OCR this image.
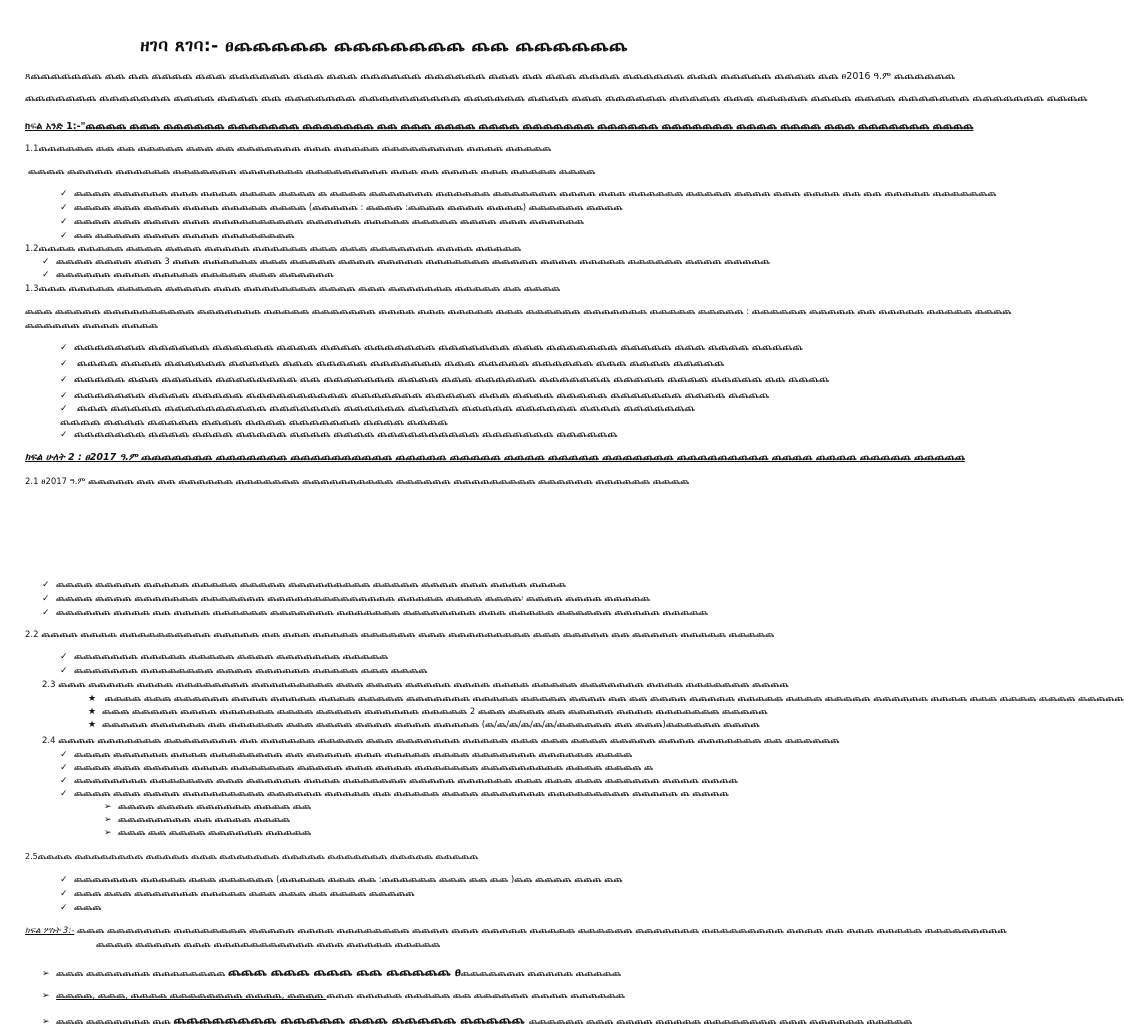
ዘገባ ጸገባ:- ፀጨጨጨጨጨ ጨጨጨጨጨጨጨ ጨጨ ጨጨጨጨጨጨ
ጸጨጨጨጨጨጨጨ ጨጨ ጨጨ ጨጨጨጨ ጨጨጨ ጨጨጨጨጨጨ ጨጨጨ ጨጨጨ ጨጨጨጨጨጨ ጨጨጨጨጨጨ ጨጨጨ ጨጨ ጨጨጨ ጨጨጨጨ ጨጨጨጨጨጨ ጨጨጨ ጨጨጨጨጨ ጨጨጨጨ ጨጨ ፀ2016 ዓ.ም ጨጨጨጨጨጨ
ጨጨጨጨጨጨጨ ጨጨጨጨጨጨጨ ጨጨጨጨ ጨጨጨጨ ጨጨ ጨጨጨጨጨጨጨ ጨጨጨጨጨጨጨጨጨጨ ጨጨጨጨጨጨ ጨጨጨጨ ጨጨጨ ጨጨጨጨጨጨ ጨጨጨጨጨ ጨጨጨ ጨጨጨጨጨ ጨጨጨጨ ጨጨጨጨ ጨጨጨጨጨጨጨ ጨጨጨጨጨጨጨ ጨጨጨጨ
ክፍል አንድ 1:-"ጨጨጨጨ ጨጨጨ ጨጨጨጨጨጨ ጨጨጨጨጨጨጨ ጨጨጨጨጨጨጨ ጨጨ ጨጨጨ ጨጨጨጨ ጨጨጨጨ ጨጨጨጨጨጨጨ ጨጨጨጨጨጨ ጨጨጨጨጨጨጨ ጨጨጨጨ ጨጨጨጨ ጨጨጨ ጨጨጨጨጨጨጨ ጨጨጨጨ
1.1ጨጨጨጨጨጨ ጨጨ ጨጨ ጨጨጨጨጨ ጨጨጨ ጨጨ ጨጨጨጨጨጨጨ ጨጨጨ ጨጨጨጨጨ ጨጨጨጨጨጨጨጨጨ ጨጨጨጨ ጨጨጨጨጨ
ጨጨጨጨ ጨጨጨጨጨ ጨጨጨጨጨጨ ጨጨጨጨጨጨጨ ጨጨጨጨጨጨጨ ጨጨጨጨጨጨጨጨጨ ጨጨጨ ጨጨ ጨጨጨጨ ጨጨጨ ጨጨጨጨጨ ጨጨጨጨ
✓ ጨጨጨጨ ጨጨጨጨጨጨ ጨጨጨ ጨጨጨጨ ጨጨጨጨ ጨጨጨጨ ጨ ጨጨጨጨ ጨጨጨጨጨጨጨ ጨጨጨጨጨጨ ጨጨጨጨጨጨጨ ጨጨጨጨ ጨጨጨ ጨጨጨጨጨጨ ጨጨጨጨጨ ጨጨጨጨ ጨጨጨ ጨጨጨጨ ጨጨ ጨጨ ጨጨጨጨጨ ጨጨጨጨጨጨጨ
✓ ጨጨጨጨ ጨጨጨ ጨጨጨጨ ጨጨጨጨ ጨጨጨጨጨ ጨጨጨጨ (ጨጨጨጨጨ : ጨጨጨጨ :ጨጨጨጨ ጨጨጨጨ ጨጨጨጨ) ጨጨጨጨጨጨ ጨጨጨጨ
✓ ጨጨጨጨ ጨጨጨ ጨጨጨጨ ጨጨጨ ጨጨጨጨጨጨጨጨጨጨ ጨጨጨጨጨጨ ጨጨጨጨጨ ጨጨጨጨጨ ጨጨጨጨ ጨጨጨ ጨጨጨጨጨጨ
✓ ጨጨ ጨጨጨጨጨ ጨጨጨጨ ጨጨጨጨ ጨጨጨጨጨጨጨጨ
1.2ጨጨጨጨ ጨጨጨጨጨ ጨጨጨጨ ጨጨጨጨ ጨጨጨጨጨ ጨጨጨጨጨጨ ጨጨጨ ጨጨጨ ጨጨጨጨጨጨጨ ጨጨጨጨ ጨጨጨጨጨ
✓ ጨጨጨጨ ጨጨጨጨ ጨጨጨ 3 ጨጨጨ ጨጨጨጨጨጨ ጨጨጨ ጨጨጨጨጨ ጨጨጨጨ ጨጨጨጨጨ ጨጨጨጨጨጨጨ ጨጨጨጨጨ ጨጨጨጨ ጨጨጨጨጨ ጨጨጨጨጨጨ ጨጨጨጨ ጨጨጨጨጨ
✓ ጨጨጨጨጨጨ ጨጨጨጨ ጨጨጨጨጨ ጨጨጨጨጨ ጨጨጨ ጨጨጨጨጨጨ
1.3ጨጨጨ ጨጨጨጨጨ ጨጨጨጨጨ ጨጨጨጨጨ ጨጨጨ ጨጨጨጨጨጨጨጨ ጨጨጨጨ ጨጨጨ ጨጨጨጨጨጨጨ ጨጨጨጨጨ ጨጨ ጨጨጨጨ
ጨጨጨ ጨጨጨጨጨ ጨጨጨጨጨጨጨጨጨጨ ጨጨጨጨጨጨጨ ጨጨጨጨጨ ጨጨጨጨጨጨጨ ጨጨጨጨ ጨጨጨ ጨጨጨጨጨ ጨጨጨ ጨጨጨጨጨጨ ጨጨጨጨጨጨጨ ጨጨጨጨጨ ጨጨጨጨጨ : ጨጨጨጨጨጨ ጨጨጨጨጨ ጨጨ ጨጨጨጨጨ ጨጨጨጨጨ ጨጨጨጨ
ጨጨጨጨጨጨ ጨጨጨጨ ጨጨጨጨ
✓ ጨጨጨጨጨጨጨ ጨጨጨጨጨጨ ጨጨጨጨጨጨ ጨጨጨጨ ጨጨጨጨ ጨጨጨጨጨጨጨ ጨጨጨጨጨጨጨ ጨጨጨ ጨጨጨጨጨጨጨ ጨጨጨጨጨ ጨጨጨ ጨጨጨጨ ጨጨጨጨጨ
✓ ጨጨጨጨ ጨጨጨጨ ጨጨጨጨጨጨ ጨጨጨጨጨ ጨጨጨ ጨጨጨጨጨ ጨጨጨጨጨጨጨ ጨጨጨ ጨጨጨጨጨ ጨጨጨጨጨጨ ጨጨጨ ጨጨጨጨ ጨጨጨጨጨ
✓ ጨጨጨጨጨ ጨጨጨ ጨጨጨጨጨ ጨጨጨጨጨጨጨጨ ጨጨ ጨጨጨጨጨጨጨ ጨጨጨጨ ጨጨጨ ጨጨጨጨጨጨ ጨጨጨጨጨጨጨ ጨጨጨጨጨ ጨጨጨጨ ጨጨጨጨጨ ጨጨ ጨጨጨጨ
✓ ጨጨጨጨጨጨጨ ጨጨጨጨ ጨጨጨጨጨ ጨጨጨጨጨጨጨጨጨጨ ጨጨጨጨጨጨጨ ጨጨጨጨጨ ጨጨጨ ጨጨጨጨ ጨጨጨጨጨ ጨጨጨጨጨጨጨ ጨጨጨጨ ጨጨጨጨ
✓ ጨጨጨ ጨጨጨጨጨ ጨጨጨጨጨጨጨጨጨጨ ጨጨጨጨጨጨጨ ጨጨጨጨጨጨ ጨጨጨጨጨ ጨጨጨጨጨ ጨጨጨጨጨጨ ጨጨጨጨ ጨጨጨጨጨጨጨ ጨጨጨጨ ጨጨጨጨ ጨጨጨጨጨ ጨጨጨጨ ጨጨጨጨ ጨጨጨጨጨጨጨ ጨጨጨጨ ጨጨጨጨ
✓ ጨጨጨጨጨጨጨ ጨጨጨጨ ጨጨጨጨ ጨጨጨጨጨ ጨጨጨጨ ጨጨጨጨ ጨጨጨጨጨጨጨጨጨጨ ጨጨጨጨጨጨጨ ጨጨጨጨጨጨ
ክፍል ሁለት 2 : ፀ2017 ዓ.ም ጨጨጨጨጨጨጨ ጨጨጨጨጨጨጨ ጨጨጨጨጨጨጨጨጨጨ ጨጨጨጨጨ ጨጨጨጨጨ ጨጨጨጨ ጨጨጨጨጨ ጨጨጨጨጨጨጨ ጨጨጨጨጨጨጨጨጨ ጨጨጨጨ ጨጨጨጨ ጨጨጨጨጨ ጨጨጨጨጨ
2.1 ፀ2017 ዓ.ም ጨጨጨጨጨ ጨጨ ጨጨ ጨጨጨጨጨጨ ጨጨጨጨጨጨጨ ጨጨጨጨጨጨጨጨጨጨ ጨጨጨጨጨጨ ጨጨጨጨጨጨጨጨጨ ጨጨጨጨጨጨ ጨጨጨጨጨጨ ጨጨጨጨ
✓ ጨጨጨጨ ጨጨጨጨጨ ጨጨጨጨጨ ጨጨጨጨጨ ጨጨጨጨጨ ጨጨጨጨጨጨጨጨጨ ጨጨጨጨጨ ጨጨጨጨ ጨጨጨ ጨጨጨጨ ጨጨጨጨ
✓ ጨጨጨጨ ጨጨጨጨ ጨጨጨጨጨጨጨ ጨጨጨጨጨጨጨ ጨጨጨጨጨጨጨጨጨጨጨጨጨጨ ጨጨጨጨጨ ጨጨጨጨ ጨጨጨጨ፡ ጨጨጨጨ ጨጨጨጨ ጨጨጨጨጨ
✓ ጨጨጨጨጨጨ ጨጨጨጨ ጨጨ ጨጨጨጨ ጨጨጨጨጨጨ ጨጨጨጨጨጨጨ ጨጨጨጨጨጨጨ ጨጨጨጨጨጨጨጨ ጨጨጨ ጨጨጨጨጨ ጨጨጨጨጨጨ ጨጨጨጨጨ ጨጨጨጨጨ
2.2 ጨጨጨጨ ጨጨጨጨ ጨጨጨጨጨጨጨጨጨጨ ጨጨጨጨጨ ጨጨ ጨጨጨ ጨጨጨጨጨ ጨጨጨጨጨጨ ጨጨጨ ጨጨጨጨጨጨጨጨጨ ጨጨጨ ጨጨጨጨጨ ጨጨ ጨጨጨጨጨ ጨጨጨጨጨ ጨጨጨጨጨ
✓ ጨጨጨጨጨጨጨ ጨጨጨጨጨ ጨጨጨጨጨ ጨጨጨጨ ጨጨጨጨጨጨጨ ጨጨጨጨጨ
✓ ጨጨጨጨጨጨጨ ጨጨጨጨጨጨጨጨ ጨጨጨጨ ጨጨጨጨጨጨ ጨጨጨጨጨ ጨጨጨ ጨጨጨጨ
2.3 ጨጨጨ ጨጨጨጨጨ ጨጨጨጨ ጨጨጨጨጨጨጨጨ ጨጨጨጨጨጨጨጨጨ ጨጨጨ ጨጨጨጨ ጨጨጨጨጨ ጨጨጨጨ ጨጨጨጨ ጨጨጨጨጨ ጨጨጨጨጨጨጨ ጨጨጨጨ ጨጨጨጨጨጨጨ ጨጨጨጨ
★ ጨጨጨጨ ጨጨጨ ጨጨጨጨጨጨ ጨጨጨጨ ጨጨጨጨጨ ጨጨጨጨ ጨጨጨጨጨ ጨጨጨጨጨጨጨ ጨጨጨጨጨ ጨጨጨጨጨ ጨጨጨጨ ጨጨ ጨጨ ጨጨጨጨ ጨጨጨጨጨ ጨጨጨጨጨ ጨጨጨጨ ጨጨጨጨጨ ጨጨጨጨጨጨ ጨጨጨጨ ጨጨጨ ጨጨጨጨ ጨጨጨጨ ጨጨጨጨጨ
★ ጨጨጨ ጨጨጨጨጨ ጨጨጨጨ ጨጨጨጨጨጨ ጨጨጨጨ ጨጨጨጨጨ ጨጨጨጨጨጨ ጨጨጨጨጨ 2 ጨጨጨ ጨጨጨጨ ጨጨ ጨጨጨጨጨ ጨጨጨጨ ጨጨጨጨጨጨጨ ጨጨጨጨጨ
★ ጨጨጨጨጨ ጨጨጨጨጨጨ ጨጨ ጨጨጨጨጨጨ ጨጨጨ ጨጨጨጨ ጨጨጨጨ ጨጨጨጨ ጨጨጨጨጨ (ጨ/ጨ/ጨ/ጨ/ጨ/ጨ/ጨጨጨጨጨጨ ጨጨ ጨጨጨ)ጨጨጨጨጨጨ ጨጨጨጨ
2.4 ጨጨጨጨ ጨጨጨጨጨጨጨ ጨጨጨጨጨጨጨጨ ጨጨ ጨጨጨጨጨጨ ጨጨጨጨጨ ጨጨጨ ጨጨጨጨጨጨጨ ጨጨጨጨጨ ጨጨጨ ጨጨጨ ጨጨጨጨ ጨጨጨጨጨ ጨጨጨጨ ጨጨጨጨጨጨጨ ጨጨ ጨጨጨጨጨጨ
✓ ጨጨጨጨ ጨጨጨጨጨጨ ጨጨጨጨ ጨጨጨጨጨጨጨጨ ጨጨ ጨጨጨጨጨ ጨጨጨ ጨጨጨጨጨ ጨጨጨጨ ጨጨጨጨጨጨጨ ጨጨጨጨጨጨ ጨጨጨጨ
✓ ጨጨጨጨ ጨጨጨ ጨጨጨጨጨ ጨጨጨጨ ጨጨጨጨጨጨጨ ጨጨጨጨጨ ጨጨጨ ጨጨጨጨ ጨጨጨጨጨጨጨ ጨጨጨጨጨጨጨጨጨ ጨጨጨጨ ጨጨጨጨ ጨ
✓ ጨጨጨጨጨጨጨጨ ጨጨጨጨጨጨጨ ጨጨጨ ጨጨጨጨጨጨ ጨጨጨጨ ጨጨጨጨጨጨጨ ጨጨጨጨጨ ጨጨጨጨጨጨ ጨጨጨ ጨጨጨ ጨጨጨ ጨጨጨጨጨጨ ጨጨጨጨ ጨጨጨጨ
✓ ጨጨጨጨ ጨጨጨ ጨጨጨጨ ጨጨጨጨጨጨጨጨጨ ጨጨጨጨጨጨ ጨጨጨጨጨ ጨጨ ጨጨጨጨጨ ጨጨጨጨ ጨጨጨጨጨጨጨ ጨጨጨጨጨጨጨጨጨ ጨጨጨጨጨ ጨ ጨጨጨጨ
➢ ጨጨጨጨ ጨጨጨጨ ጨጨጨጨጨጨ ጨጨጨጨ ጨጨ
➢ ጨጨጨጨጨጨጨጨ ጨጨ ጨጨጨጨ ጨጨጨጨ
➢ ጨጨጨ ጨጨ ጨጨጨጨ ጨጨጨጨጨጨ ጨጨጨጨጨ
2.5ጨጨጨጨ ጨጨጨጨጨጨጨጨ ጨጨጨጨጨ ጨጨጨ ጨጨጨጨጨጨጨ ጨጨጨጨጨ ጨጨጨጨጨጨጨ ጨጨጨጨጨ ጨጨጨጨጨ
✓ ጨጨጨጨጨጨጨ ጨጨጨጨጨ ጨጨጨ ጨጨጨጨጨጨ (ጨጨጨጨጨ ጨጨጨ ጨጨ :ጨጨጨጨጨጨ ጨጨጨ ጨጨ ጨጨ )ጨጨ ጨጨጨጨ ጨጨጨ ጨጨ
✓ ጨጨጨ ጨጨጨ ጨጨጨጨጨጨጨ ጨጨጨጨጨ ጨጨጨ ጨጨጨ ጨጨ ጨጨጨጨ ጨጨጨጨጨ
✓ ጨጨጨ
ክፍል ሦስት 3:- ጨጨጨ ጨጨጨጨጨጨጨ ጨጨጨጨጨጨጨጨ ጨጨጨጨጨ ጨጨጨጨ ጨጨጨጨጨጨጨጨ ጨጨጨጨ ጨጨጨ ጨጨጨጨጨ ጨጨጨጨጨ ጨጨጨጨጨጨ ጨጨጨጨጨጨጨ ጨጨጨጨጨጨጨጨጨ ጨጨጨጨ ጨጨ ጨጨጨ ጨጨጨጨጨ ጨጨጨጨጨጨጨጨጨ
ጨጨጨጨ ጨጨጨጨጨ ጨጨጨ ጨጨጨጨጨጨጨጨጨጨጨ ጨጨጨ ጨጨጨጨጨ ጨጨጨጨጨ
➢ ጨጨጨ ጨጨጨጨጨጨጨ ጨጨጨጨጨጨጨጨ ጨጨጨ ጨጨጨ ጨጨጨ ጨጨ ጨጨጨጨጨ ፀጨጨጨጨጨጨጨ ጨጨጨጨጨ ጨጨጨጨጨ
➢ ጨጨጨጨ, ጨጨጨ, ጨጨጨጨ ጨጨጨጨጨጨጨጨ ጨጨጨጨ, ጨጨጨጨ ጨጨጨ ጨጨጨጨጨ ጨጨጨጨጨ ጨጨ ጨጨጨጨጨጨ ጨጨጨጨ ጨጨጨጨጨጨ
➢ ጨጨጨ ጨጨጨጨጨጨጨ ጨጨ ጨጨጨጨጨጨጨጨ ጨጨጨጨጨ ጨጨጨ ጨጨጨጨጨ ጨጨጨጨጨ ጨጨጨጨጨጨ ጨጨጨ ጨጨጨጨ ጨጨጨጨጨ ጨጨጨጨጨጨጨጨ ጨጨጨ ጨጨጨጨጨጨ ጨጨጨጨጨ
